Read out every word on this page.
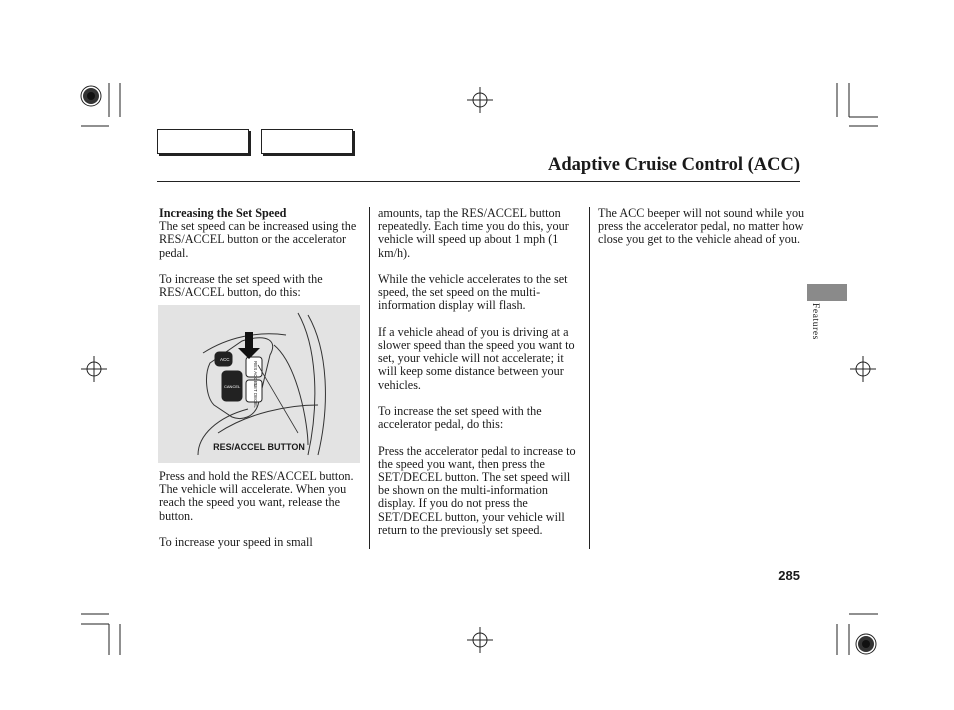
Adaptive Cruise Control (ACC)
Increasing the Set Speed

The set speed can be increased using the RES/ACCEL button or the accelerator pedal.

To increase the set speed with the RES/ACCEL button, do this:

ACC
CANCEL
RES ACCEL
SET DECEL
RES/ACCEL BUTTON

Press and hold the RES/ACCEL button. The vehicle will accelerate. When you reach the speed you want, release the button.

To increase your speed in small

amounts, tap the RES/ACCEL button repeatedly. Each time you do this, your vehicle will speed up about 1 mph (1 km/h).

While the vehicle accelerates to the set speed, the set speed on the multi-information display will flash.

If a vehicle ahead of you is driving at a slower speed than the speed you want to set, your vehicle will not accelerate; it will keep some distance between your vehicles.

To increase the set speed with the accelerator pedal, do this:

Press the accelerator pedal to increase to the speed you want, then press the SET/DECEL button. The set speed will be shown on the multi-information display. If you do not press the SET/DECEL button, your vehicle will return to the previously set speed.

The ACC beeper will not sound while you press the accelerator pedal, no matter how close you get to the vehicle ahead of you.

Features
285
